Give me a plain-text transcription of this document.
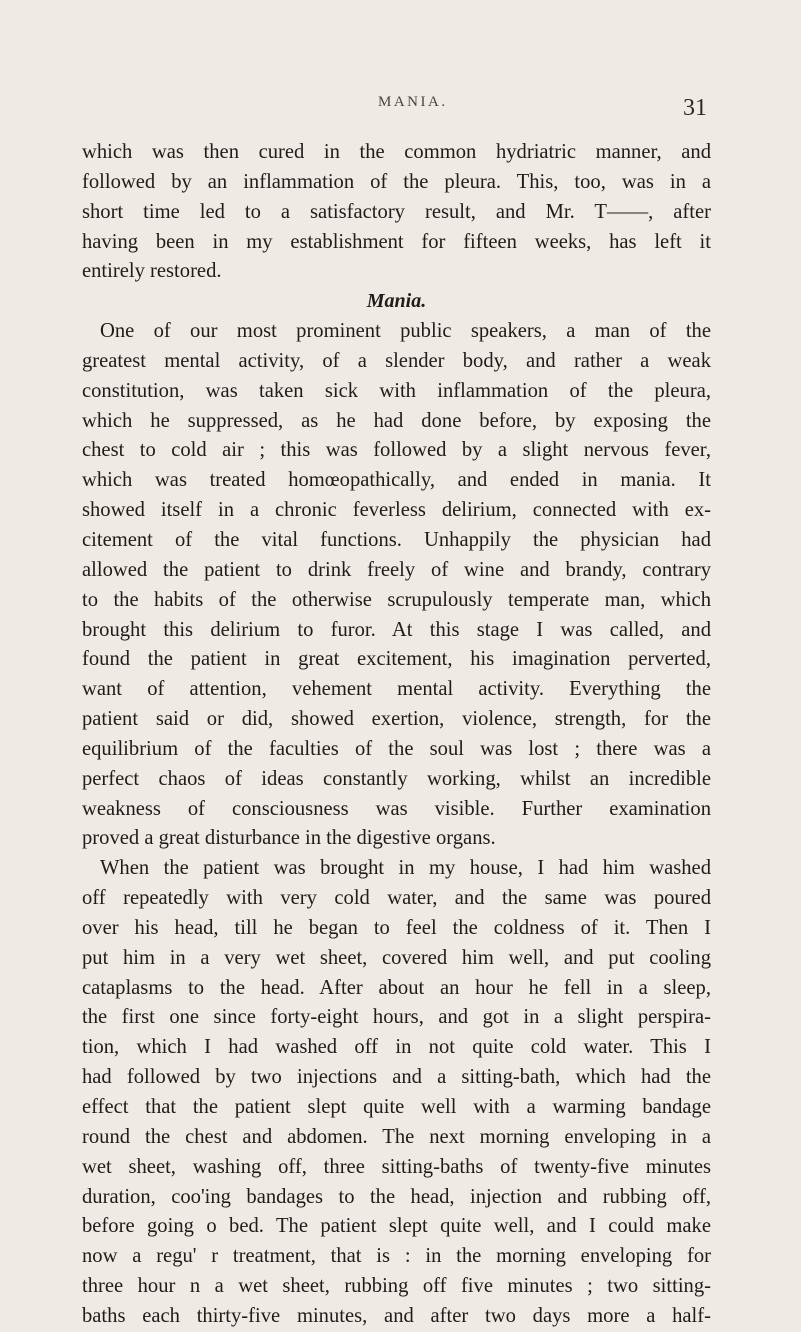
MANIA.	31
which was then cured in the common hydriatric manner, and
followed by an inflammation of the pleura. This, too, was in a
short time led to a satisfactory result, and Mr. T——, after
having been in my establishment for fifteen weeks, has left it
entirely restored.
Mania.
One of our most prominent public speakers, a man of the
greatest mental activity, of a slender body, and rather a weak
constitution, was taken sick with inflammation of the pleura,
which he suppressed, as he had done before, by exposing the
chest to cold air ; this was followed by a slight nervous fever,
which was treated homœopathically, and ended in mania. It
showed itself in a chronic feverless delirium, connected with ex-
citement of the vital functions. Unhappily the physician had
allowed the patient to drink freely of wine and brandy, contrary
to the habits of the otherwise scrupulously temperate man, which
brought this delirium to furor. At this stage I was called, and
found the patient in great excitement, his imagination perverted,
want of attention, vehement mental activity. Everything the
patient said or did, showed exertion, violence, strength, for the
equilibrium of the faculties of the soul was lost ; there was a
perfect chaos of ideas constantly working, whilst an incredible
weakness of consciousness was visible. Further examination
proved a great disturbance in the digestive organs.
When the patient was brought in my house, I had him washed
off repeatedly with very cold water, and the same was poured
over his head, till he began to feel the coldness of it. Then I
put him in a very wet sheet, covered him well, and put cooling
cataplasms to the head. After about an hour he fell in a sleep,
the first one since forty-eight hours, and got in a slight perspira-
tion, which I had washed off in not quite cold water. This I
had followed by two injections and a sitting-bath, which had the
effect that the patient slept quite well with a warming bandage
round the chest and abdomen. The next morning enveloping in a
wet sheet, washing off, three sitting-baths of twenty-five minutes
duration, coo'ing bandages to the head, injection and rubbing off,
before going o bed. The patient slept quite well, and I could make
now a regu' r treatment, that is : in the morning enveloping for
three hour n a wet sheet, rubbing off five minutes ; two sitting-
baths each thirty-five minutes, and after two days more a half-
